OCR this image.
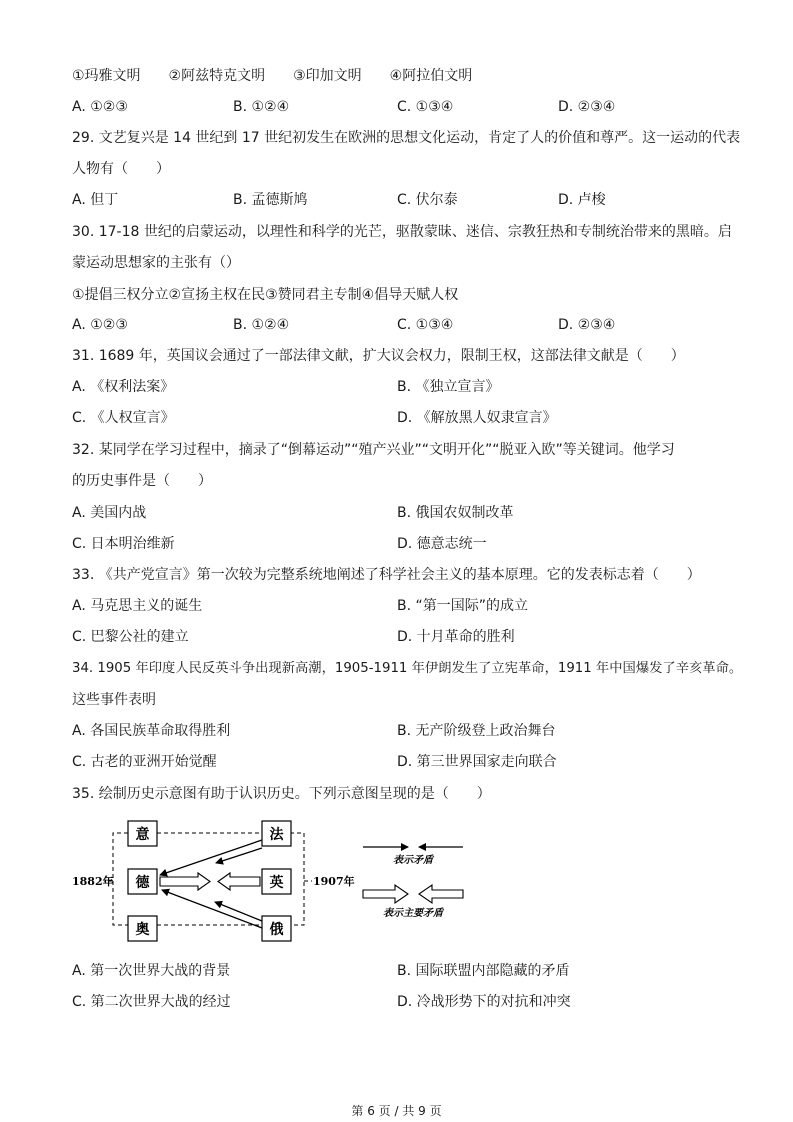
①玛雅文明　　②阿兹特克文明　　③印加文明　　④阿拉伯文明
A. ①②③	B. ①②④	C. ①③④	D. ②③④
29. 文艺复兴是 14 世纪到 17 世纪初发生在欧洲的思想文化运动，肯定了人的价值和尊严。这一运动的代表
人物有（　　）
A. 但丁	B. 孟德斯鸠	C. 伏尔泰	D. 卢梭
30. 17-18 世纪的启蒙运动，以理性和科学的光芒，驱散蒙昧、迷信、宗教狂热和专制统治带来的黑暗。启
蒙运动思想家的主张有（）
①提倡三权分立②宣扬主权在民③赞同君主专制④倡导天赋人权
A. ①②③	B. ①②④	C. ①③④	D. ②③④
31. 1689 年，英国议会通过了一部法律文献，扩大议会权力，限制王权，这部法律文献是（　　）
A. 《权利法案》	B. 《独立宣言》
C. 《人权宣言》	D. 《解放黑人奴隶宣言》
32. 某同学在学习过程中，摘录了“倒幕运动”“殖产兴业”“文明开化”“脱亚入欧”等关键词。他学习
的历史事件是（　　）
A. 美国内战	B. 俄国农奴制改革
C. 日本明治维新	D. 德意志统一
33. 《共产党宣言》第一次较为完整系统地阐述了科学社会主义的基本原理。它的发表标志着（　　）
A. 马克思主义的诞生	B. “第一国际”的成立
C. 巴黎公社的建立	D. 十月革命的胜利
34. 1905 年印度人民反英斗争出现新高潮，1905-1911 年伊朗发生了立宪革命，1911 年中国爆发了辛亥革命。
这些事件表明
A. 各国民族革命取得胜利	B. 无产阶级登上政治舞台
C. 古老的亚洲开始觉醒	D. 第三世界国家走向联合
35. 绘制历史示意图有助于认识历史。下列示意图呈现的是（　　）
意	法
德	英
奥	俄
1882年	1907年
表示矛盾
表示主要矛盾
A. 第一次世界大战的背景	B. 国际联盟内部隐藏的矛盾
C. 第二次世界大战的经过	D. 冷战形势下的对抗和冲突
第 6 页 / 共 9 页
